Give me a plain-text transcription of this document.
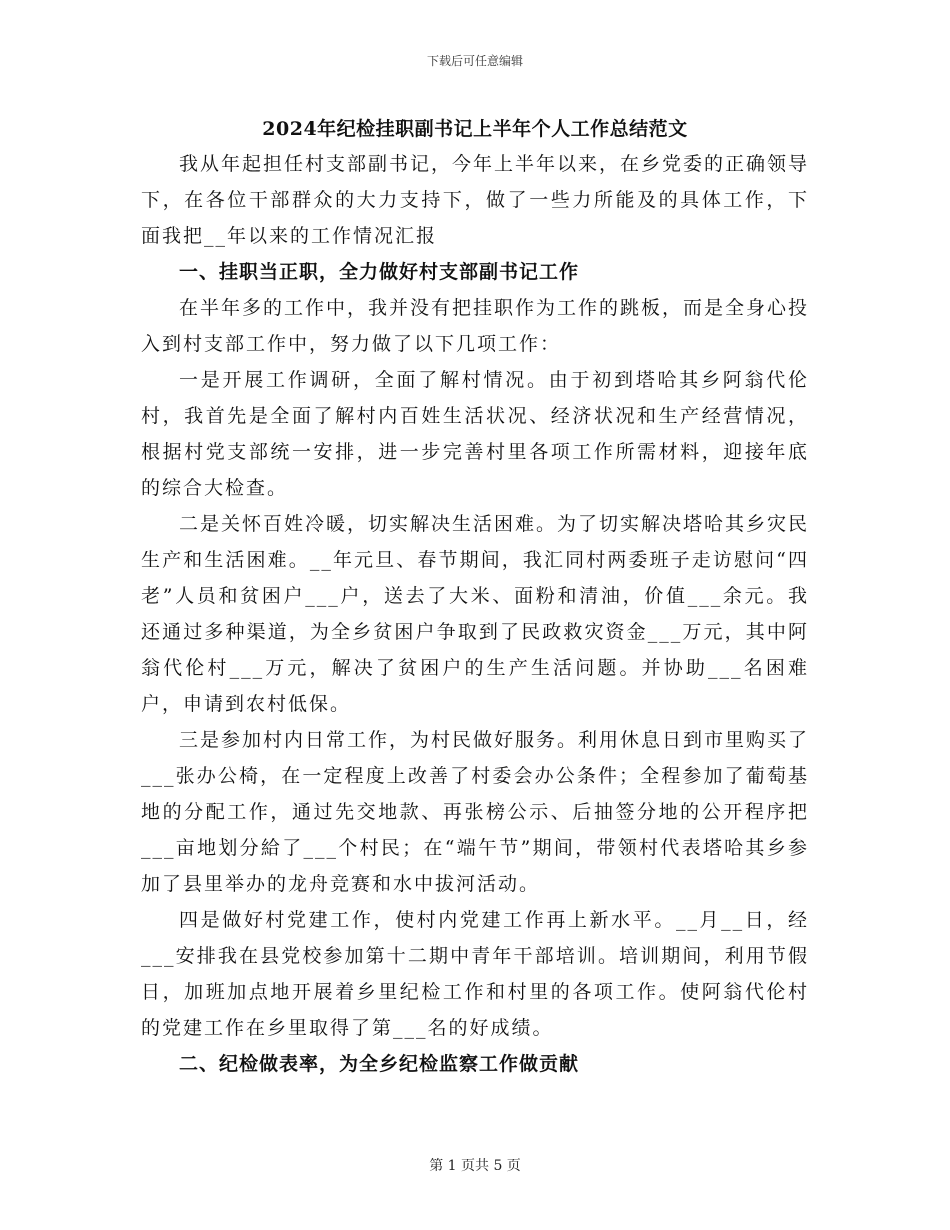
下载后可任意编辑
2024年纪检挂职副书记上半年个人工作总结范文

我从年起担任村支部副书记，今年上半年以来，在乡党委的正确领导下，在各位干部群众的大力支持下，做了一些力所能及的具体工作，下面我把__年以来的工作情况汇报

一、挂职当正职，全力做好村支部副书记工作

在半年多的工作中，我并没有把挂职作为工作的跳板，而是全身心投入到村支部工作中，努力做了以下几项工作：

一是开展工作调研，全面了解村情况。由于初到塔哈其乡阿翁代伦村，我首先是全面了解村内百姓生活状况、经济状况和生产经营情况，根据村党支部统一安排，进一步完善村里各项工作所需材料，迎接年底的综合大检查。

二是关怀百姓冷暖，切实解决生活困难。为了切实解决塔哈其乡灾民生产和生活困难。__年元旦、春节期间，我汇同村两委班子走访慰问“四老”人员和贫困户___户，送去了大米、面粉和清油，价值___余元。我还通过多种渠道，为全乡贫困户争取到了民政救灾资金___万元，其中阿翁代伦村___万元，解决了贫困户的生产生活问题。并协助___名困难户，申请到农村低保。

三是参加村内日常工作，为村民做好服务。利用休息日到市里购买了___张办公椅，在一定程度上改善了村委会办公条件；全程参加了葡萄基地的分配工作，通过先交地款、再张榜公示、后抽签分地的公开程序把___亩地划分給了___个村民；在“端午节”期间，带领村代表塔哈其乡参加了县里举办的龙舟竞赛和水中拔河活动。

四是做好村党建工作，使村内党建工作再上新水平。__月__日，经___安排我在县党校参加第十二期中青年干部培训。培训期间，利用节假日，加班加点地开展着乡里纪检工作和村里的各项工作。使阿翁代伦村的党建工作在乡里取得了第___名的好成绩。

二、纪检做表率，为全乡纪检监察工作做贡献

第 1 页共 5 页
